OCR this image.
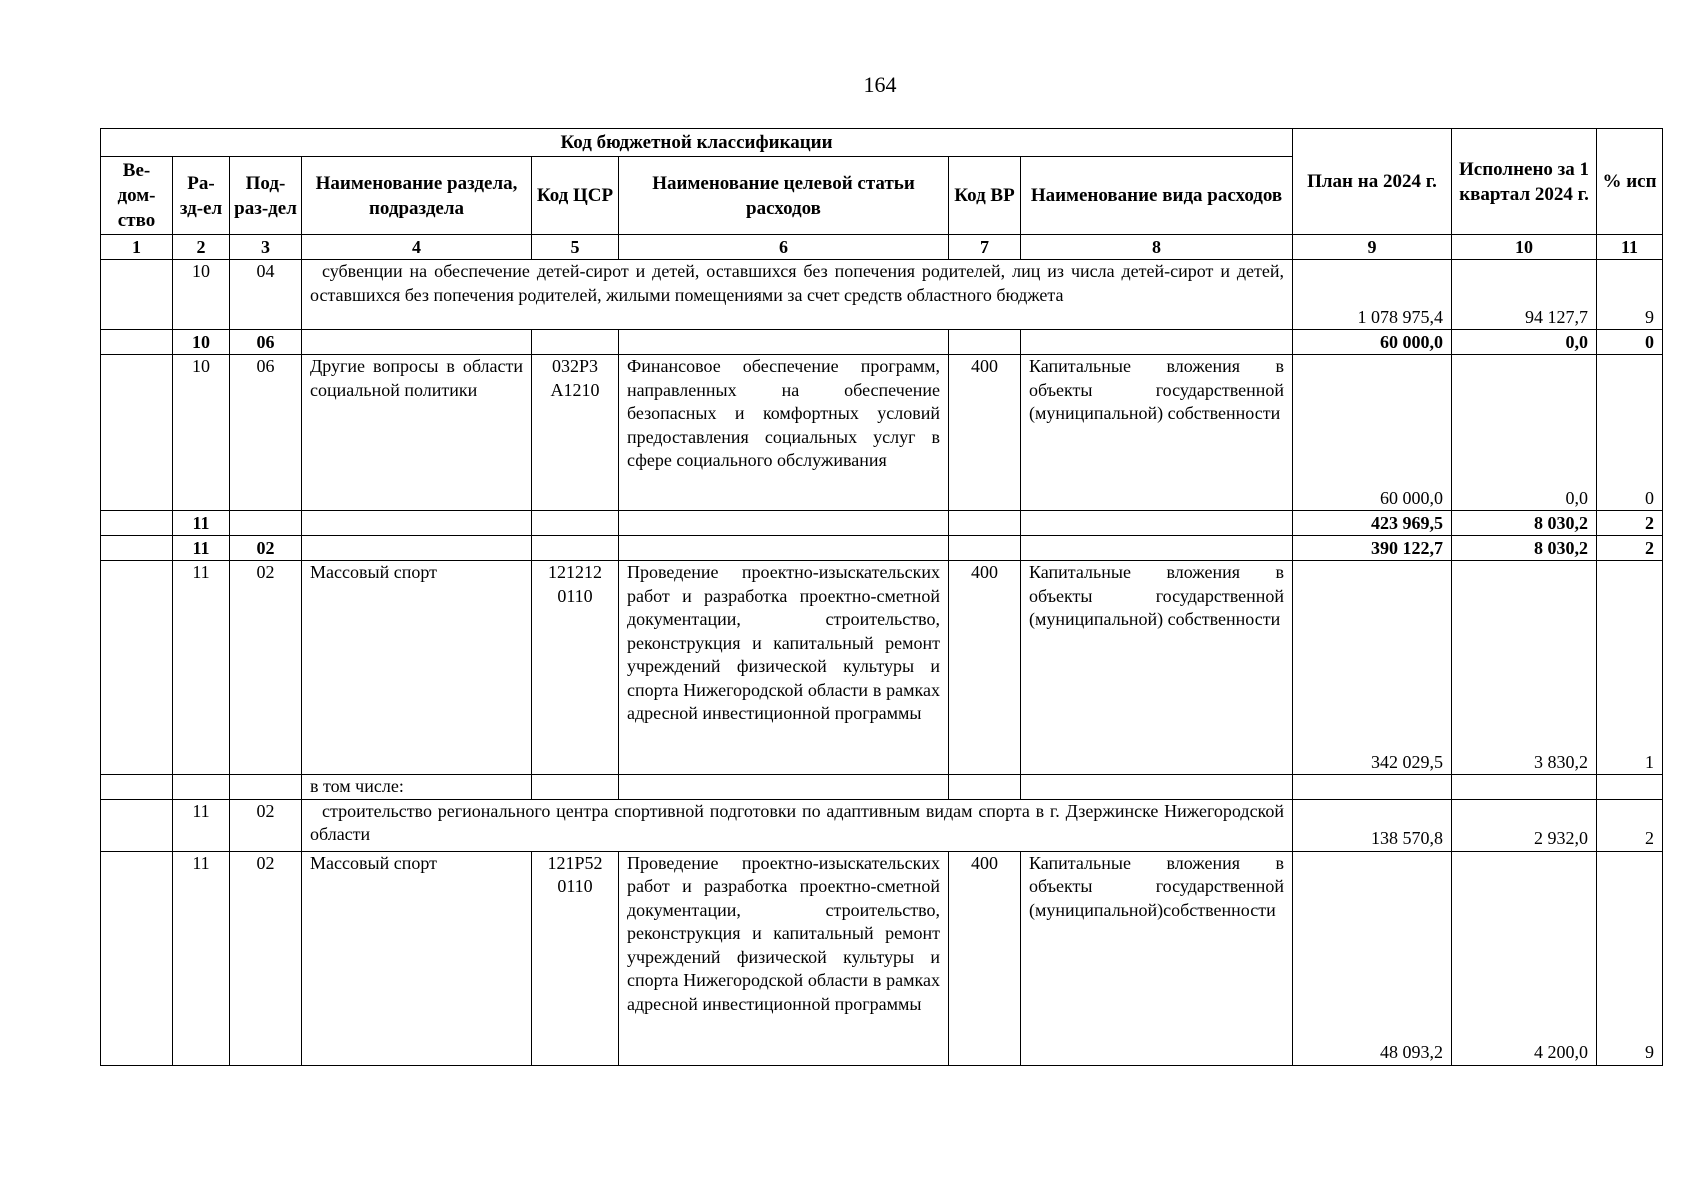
164
Код бюджетной классификации								План на 2024 г.	Исполнено за 1 квартал 2024 г.	% исп
Ве-дом-ство	Ра-зд-ел	Под-раз-дел	Наименование раздела, подраздела	Код ЦСР	Наименование целевой статьи расходов	Код ВР	Наименование вида расходов			
1	2	3	4	5	6	7	8	9	10	11
	10	04	субвенции на обеспечение детей-сирот и детей, оставшихся без попечения родителей, лиц из числа детей-сирот и детей, оставшихся без попечения родителей, жилыми помещениями за счет средств областного бюджета					1 078 975,4	94 127,7	9
	10	06						60 000,0	0,0	0
	10	06	Другие вопросы в области социальной политики	032P3 A1210	Финансовое обеспечение программ, направленных на обеспечение безопасных и комфортных условий предоставления социальных услуг в сфере социального обслуживания	400	Капитальные вложения в объекты государственной (муниципальной) собственности	60 000,0	0,0	0
	11							423 969,5	8 030,2	2
	11	02						390 122,7	8 030,2	2
	11	02	Массовый спорт	121212 0110	Проведение проектно-изыскательских работ и разработка проектно-сметной документации, строительство, реконструкция и капитальный ремонт учреждений физической культуры и спорта Нижегородской области в рамках адресной инвестиционной программы	400	Капитальные вложения в объекты государственной (муниципальной) собственности	342 029,5	3 830,2	1
			в том числе:							
	11	02	строительство регионального центра спортивной подготовки по адаптивным видам спорта в г. Дзержинске Нижегородской области					138 570,8	2 932,0	2
	11	02	Массовый спорт	121P52 0110	Проведение проектно-изыскательских работ и разработка проектно-сметной документации, строительство, реконструкция и капитальный ремонт учреждений физической культуры и спорта Нижегородской области в рамках адресной инвестиционной программы	400	Капитальные вложения в объекты государственной (муниципальной)собственности	48 093,2	4 200,0	9
